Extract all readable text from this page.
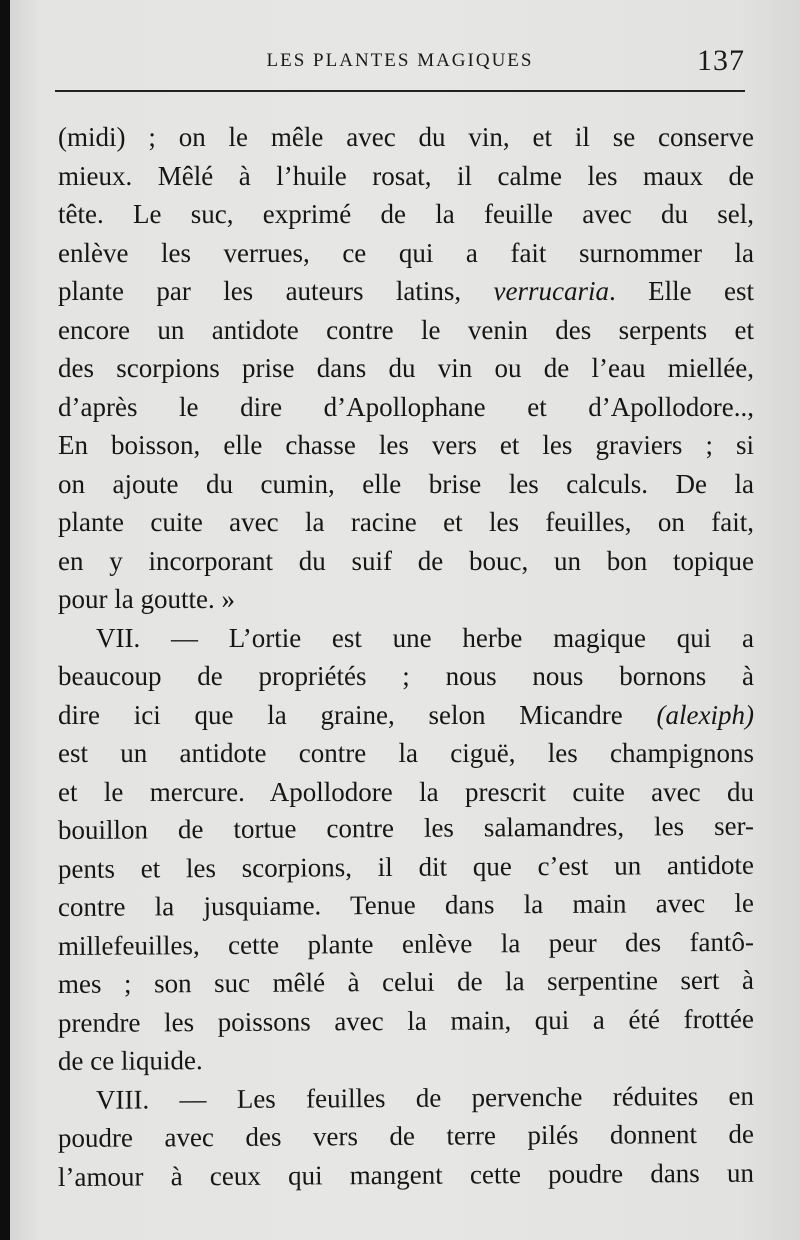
LES PLANTES MAGIQUES	137
(midi) ; on le mêle avec du vin, et il se conserve
mieux. Mêlé à l’huile rosat, il calme les maux de
tête. Le suc, exprimé de la feuille avec du sel,
enlève les verrues, ce qui a fait surnommer la
plante par les auteurs latins, verrucaria. Elle est
encore un antidote contre le venin des serpents et
des scorpions prise dans du vin ou de l’eau miellée,
d’après le dire d’Apollophane et d’Apollodore..,
En boisson, elle chasse les vers et les graviers ; si
on ajoute du cumin, elle brise les calculs. De la
plante cuite avec la racine et les feuilles, on fait,
en y incorporant du suif de bouc, un bon topique
pour la goutte. »
VII. — L’ortie est une herbe magique qui a
beaucoup de propriétés ; nous nous bornons à
dire ici que la graine, selon Micandre (alexiph)
est un antidote contre la ciguë, les champignons
et le mercure. Apollodore la prescrit cuite avec du
bouillon de tortue contre les salamandres, les ser-
pents et les scorpions, il dit que c’est un antidote
contre la jusquiame. Tenue dans la main avec le
millefeuilles, cette plante enlève la peur des fantô-
mes ; son suc mêlé à celui de la serpentine sert à
prendre les poissons avec la main, qui a été frottée
de ce liquide.
VIII. — Les feuilles de pervenche réduites en
poudre avec des vers de terre pilés donnent de
l’amour à ceux qui mangent cette poudre dans un
